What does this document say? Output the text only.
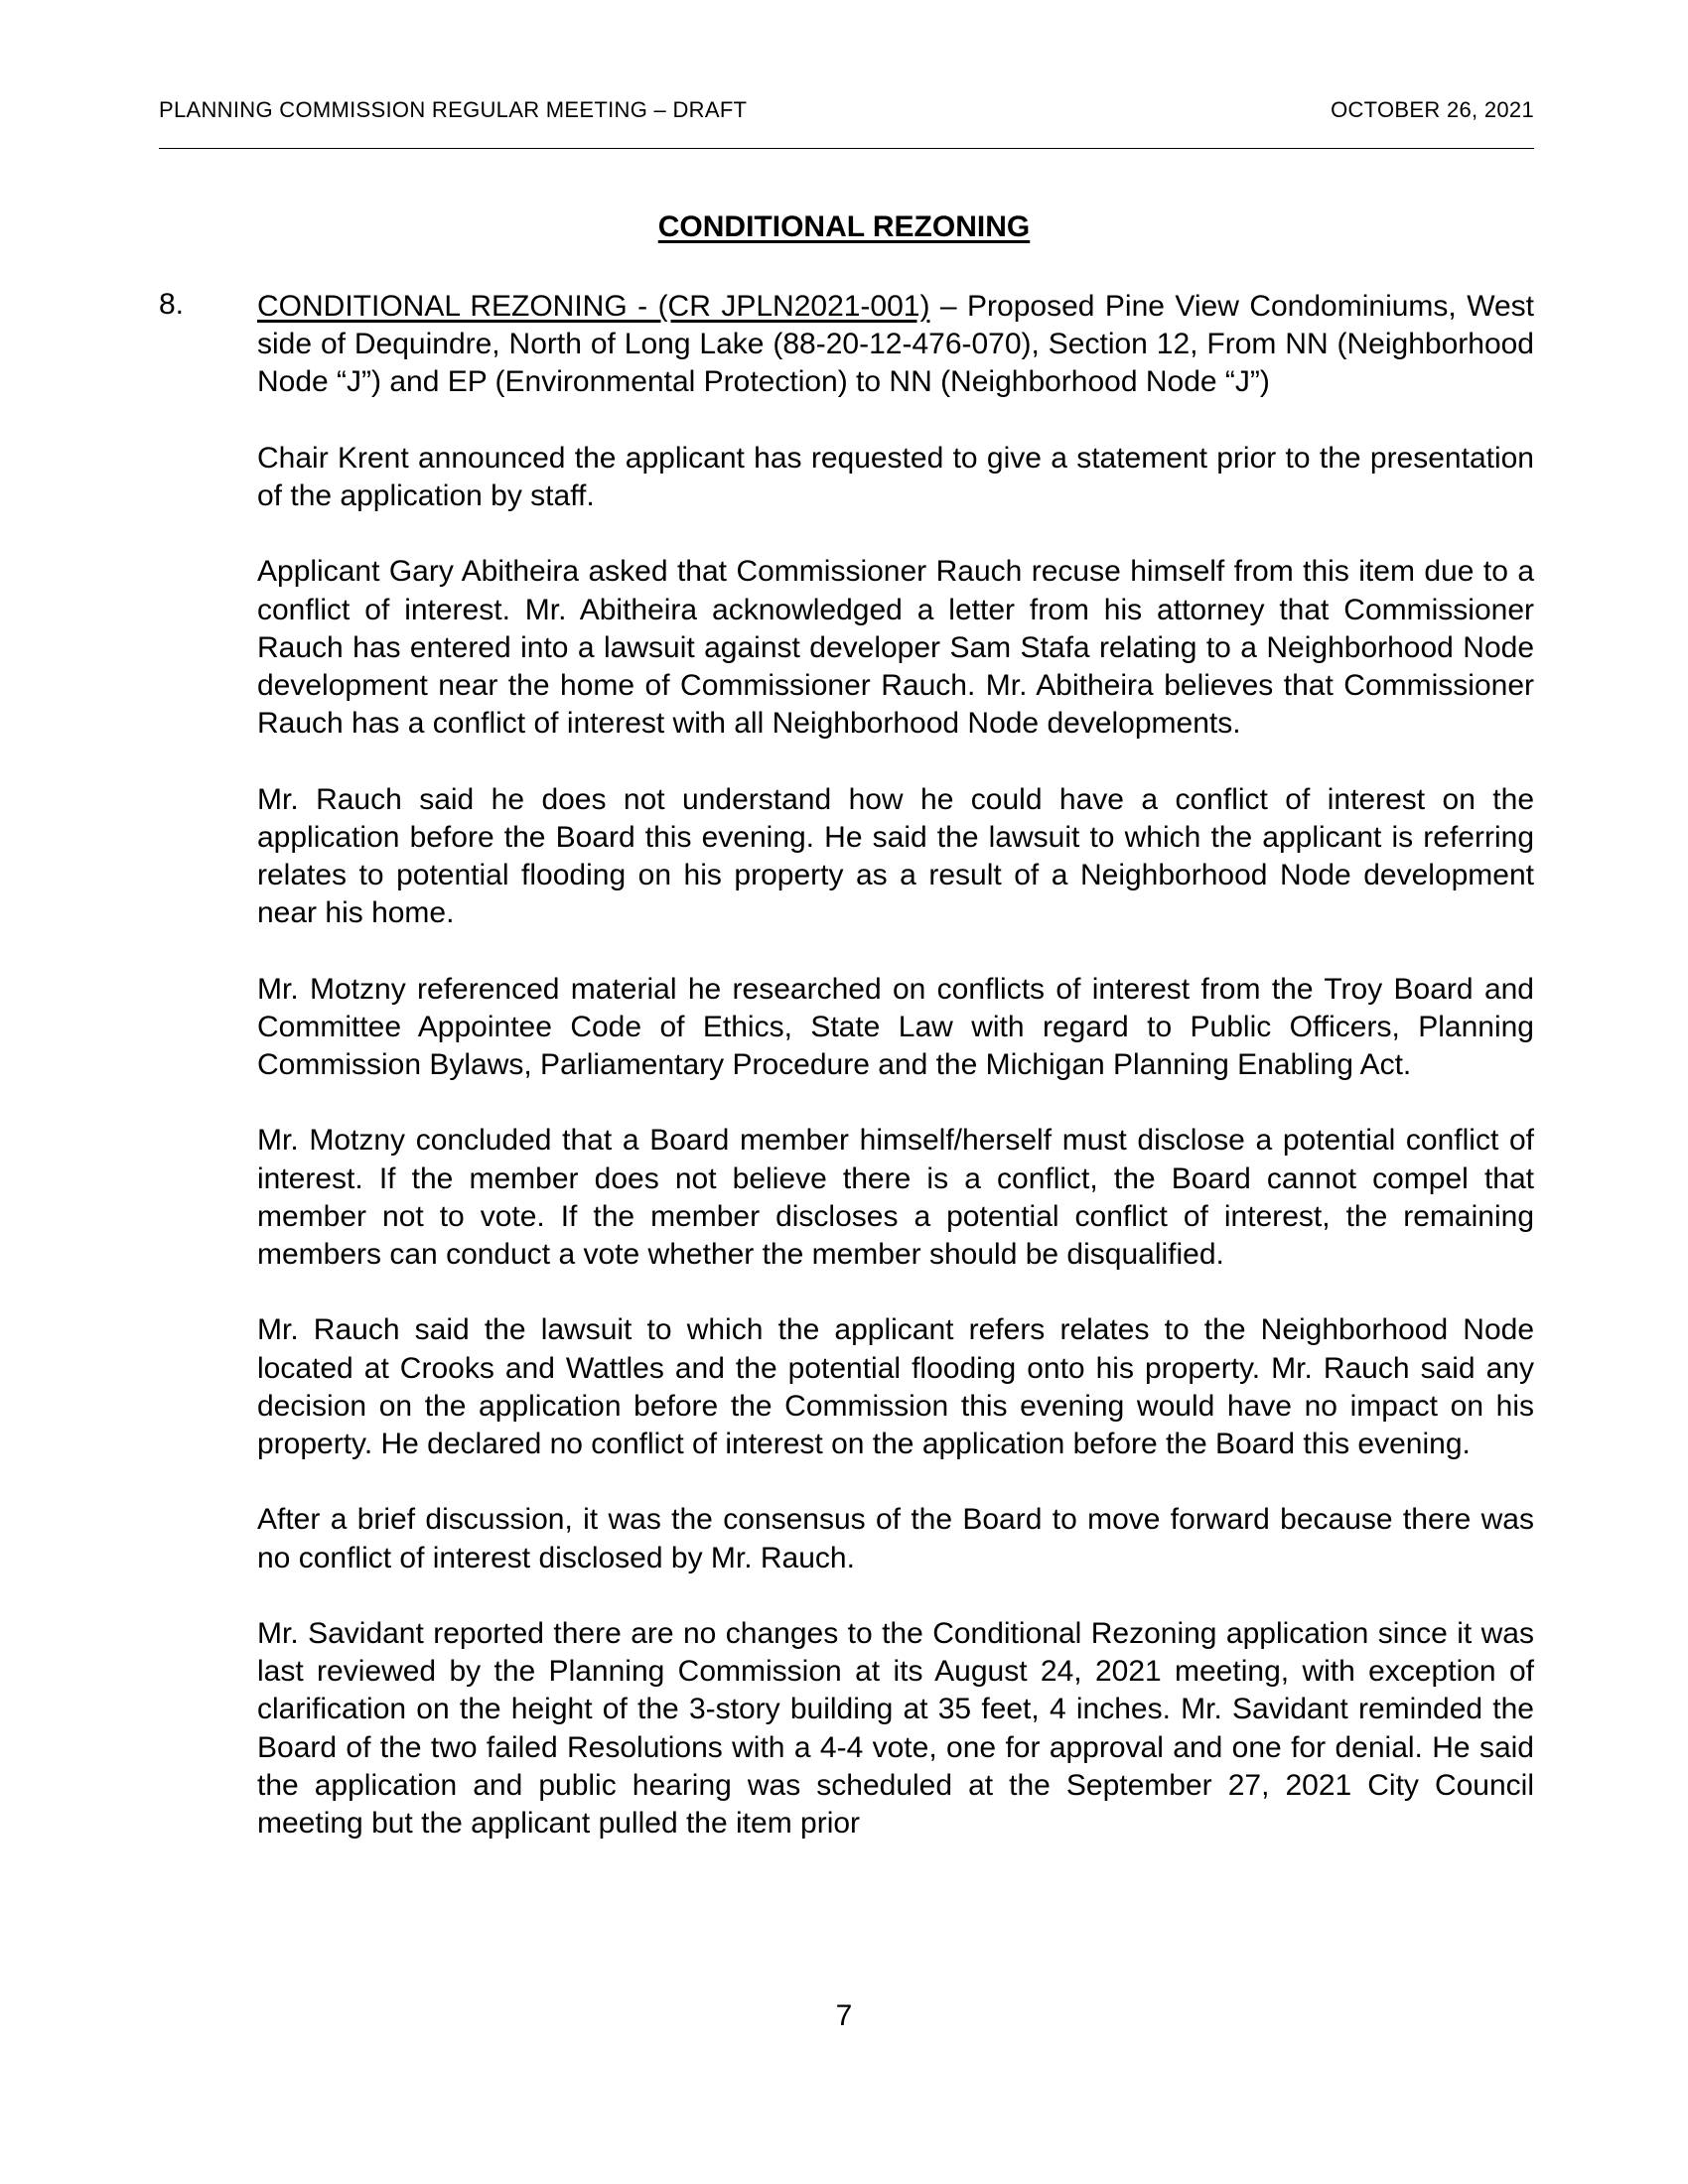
PLANNING COMMISSION REGULAR MEETING – DRAFT	OCTOBER 26, 2021
CONDITIONAL REZONING
8. CONDITIONAL REZONING - (CR JPLN2021-001) – Proposed Pine View Condominiums, West side of Dequindre, North of Long Lake (88-20-12-476-070), Section 12, From NN (Neighborhood Node “J”) and EP (Environmental Protection) to NN (Neighborhood Node “J”)

Chair Krent announced the applicant has requested to give a statement prior to the presentation of the application by staff.

Applicant Gary Abitheira asked that Commissioner Rauch recuse himself from this item due to a conflict of interest. Mr. Abitheira acknowledged a letter from his attorney that Commissioner Rauch has entered into a lawsuit against developer Sam Stafa relating to a Neighborhood Node development near the home of Commissioner Rauch. Mr. Abitheira believes that Commissioner Rauch has a conflict of interest with all Neighborhood Node developments.

Mr. Rauch said he does not understand how he could have a conflict of interest on the application before the Board this evening. He said the lawsuit to which the applicant is referring relates to potential flooding on his property as a result of a Neighborhood Node development near his home.

Mr. Motzny referenced material he researched on conflicts of interest from the Troy Board and Committee Appointee Code of Ethics, State Law with regard to Public Officers, Planning Commission Bylaws, Parliamentary Procedure and the Michigan Planning Enabling Act.

Mr. Motzny concluded that a Board member himself/herself must disclose a potential conflict of interest. If the member does not believe there is a conflict, the Board cannot compel that member not to vote. If the member discloses a potential conflict of interest, the remaining members can conduct a vote whether the member should be disqualified.

Mr. Rauch said the lawsuit to which the applicant refers relates to the Neighborhood Node located at Crooks and Wattles and the potential flooding onto his property. Mr. Rauch said any decision on the application before the Commission this evening would have no impact on his property. He declared no conflict of interest on the application before the Board this evening.

After a brief discussion, it was the consensus of the Board to move forward because there was no conflict of interest disclosed by Mr. Rauch.

Mr. Savidant reported there are no changes to the Conditional Rezoning application since it was last reviewed by the Planning Commission at its August 24, 2021 meeting, with exception of clarification on the height of the 3-story building at 35 feet, 4 inches. Mr. Savidant reminded the Board of the two failed Resolutions with a 4-4 vote, one for approval and one for denial. He said the application and public hearing was scheduled at the September 27, 2021 City Council meeting but the applicant pulled the item prior

7
